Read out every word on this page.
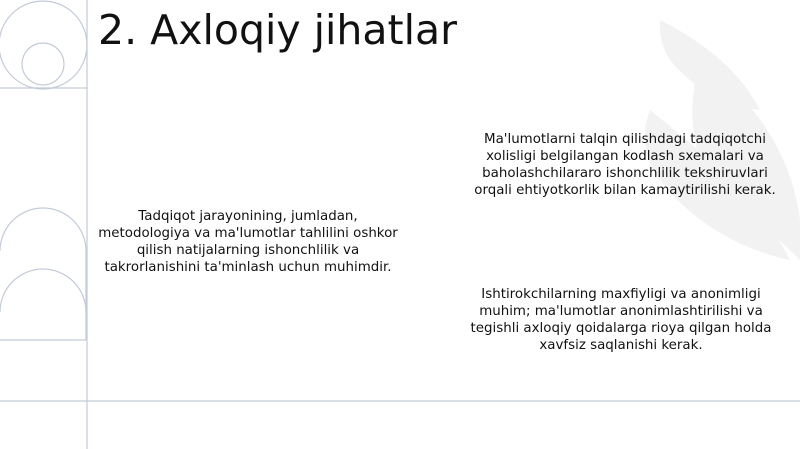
2. Axloqiy jihatlar

Tadqiqot jarayonining, jumladan, metodologiya va ma'lumotlar tahlilini oshkor qilish natijalarning ishonchlilik va takrorlanishini ta'minlash uchun muhimdir.

Ma'lumotlarni talqin qilishdagi tadqiqotchi xolisligi belgilangan kodlash sxemalari va baholashchilararo ishonchlilik tekshiruvlari orqali ehtiyotkorlik bilan kamaytirilishi kerak.

Ishtirokchilarning maxfiyligi va anonimligi muhim; ma'lumotlar anonimlashtirilishi va tegishli axloqiy qoidalarga rioya qilgan holda xavfsiz saqlanishi kerak.
